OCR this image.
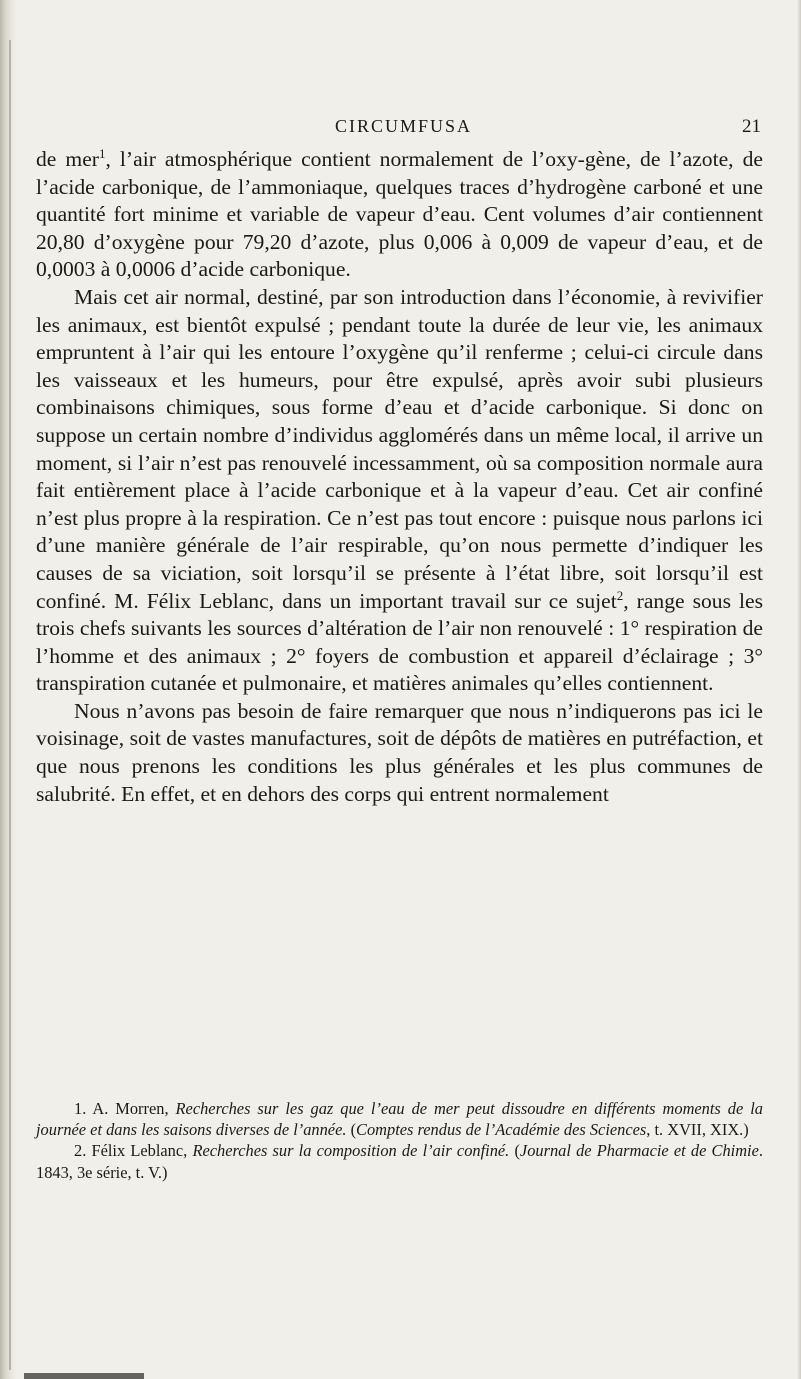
CIRCUMFUSA	21

de mer$^1$, l’air atmosphérique contient normalement de l’oxy-gène, de l’azote, de l’acide carbonique, de l’ammoniaque, quelques traces d’hydrogène carboné et une quantité fort minime et variable de vapeur d’eau. Cent volumes d’air contiennent 20,80 d’oxygène pour 79,20 d’azote, plus 0,006 à 0,009 de vapeur d’eau, et de 0,0003 à 0,0006 d’acide carbonique.

Mais cet air normal, destiné, par son introduction dans l’économie, à revivifier les animaux, est bientôt expulsé ; pendant toute la durée de leur vie, les animaux empruntent à l’air qui les entoure l’oxygène qu’il renferme ; celui-ci circule dans les vaisseaux et les humeurs, pour être expulsé, après avoir subi plusieurs combinaisons chimiques, sous forme d’eau et d’acide carbonique. Si donc on suppose un certain nombre d’individus agglomérés dans un même local, il arrive un moment, si l’air n’est pas renouvelé incessamment, où sa composition normale aura fait entièrement place à l’acide carbonique et à la vapeur d’eau. Cet air confiné n’est plus propre à la respiration. Ce n’est pas tout encore : puisque nous parlons ici d’une manière générale de l’air respirable, qu’on nous permette d’indiquer les causes de sa viciation, soit lorsqu’il se présente à l’état libre, soit lorsqu’il est confiné. M. Félix Leblanc, dans un important travail sur ce sujet$^2$, range sous les trois chefs suivants les sources d’altération de l’air non renouvelé : 1° respiration de l’homme et des animaux ; 2° foyers de combustion et appareil d’éclairage ; 3° transpiration cutanée et pulmonaire, et matières animales qu’elles contiennent.

Nous n’avons pas besoin de faire remarquer que nous n’indiquerons pas ici le voisinage, soit de vastes manufactures, soit de dépôts de matières en putréfaction, et que nous prenons les conditions les plus générales et les plus communes de salubrité. En effet, et en dehors des corps qui entrent normalement

1. A. Morren, Recherches sur les gaz que l’eau de mer peut dissoudre en différents moments de la journée et dans les saisons diverses de l’année. (Comptes rendus de l’Académie des Sciences, t. XVII, XIX.)

2. Félix Leblanc, Recherches sur la composition de l’air confiné. (Journal de Pharmacie et de Chimie. 1843, 3e série, t. V.)
